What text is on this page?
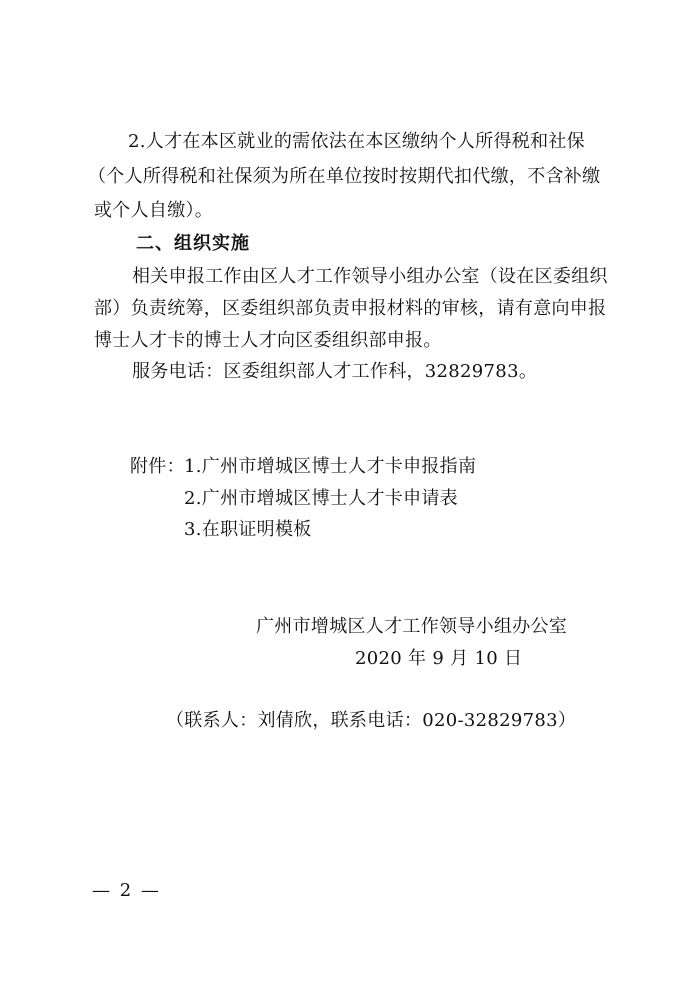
2.人才在本区就业的需依法在本区缴纳个人所得税和社保
（个人所得税和社保须为所在单位按时按期代扣代缴，不含补缴
或个人自缴）。
二、组织实施
相关申报工作由区人才工作领导小组办公室（设在区委组织
部）负责统筹，区委组织部负责申报材料的审核，请有意向申报
博士人才卡的博士人才向区委组织部申报。
服务电话：区委组织部人才工作科，32829783。
附件： 1.广州市增城区博士人才卡申报指南
2.广州市增城区博士人才卡申请表
3.在职证明模板
广州市增城区人才工作领导小组办公室
2020 年 9 月 10 日
（联系人：刘倩欣，联系电话：020-32829783）
— 2 —
